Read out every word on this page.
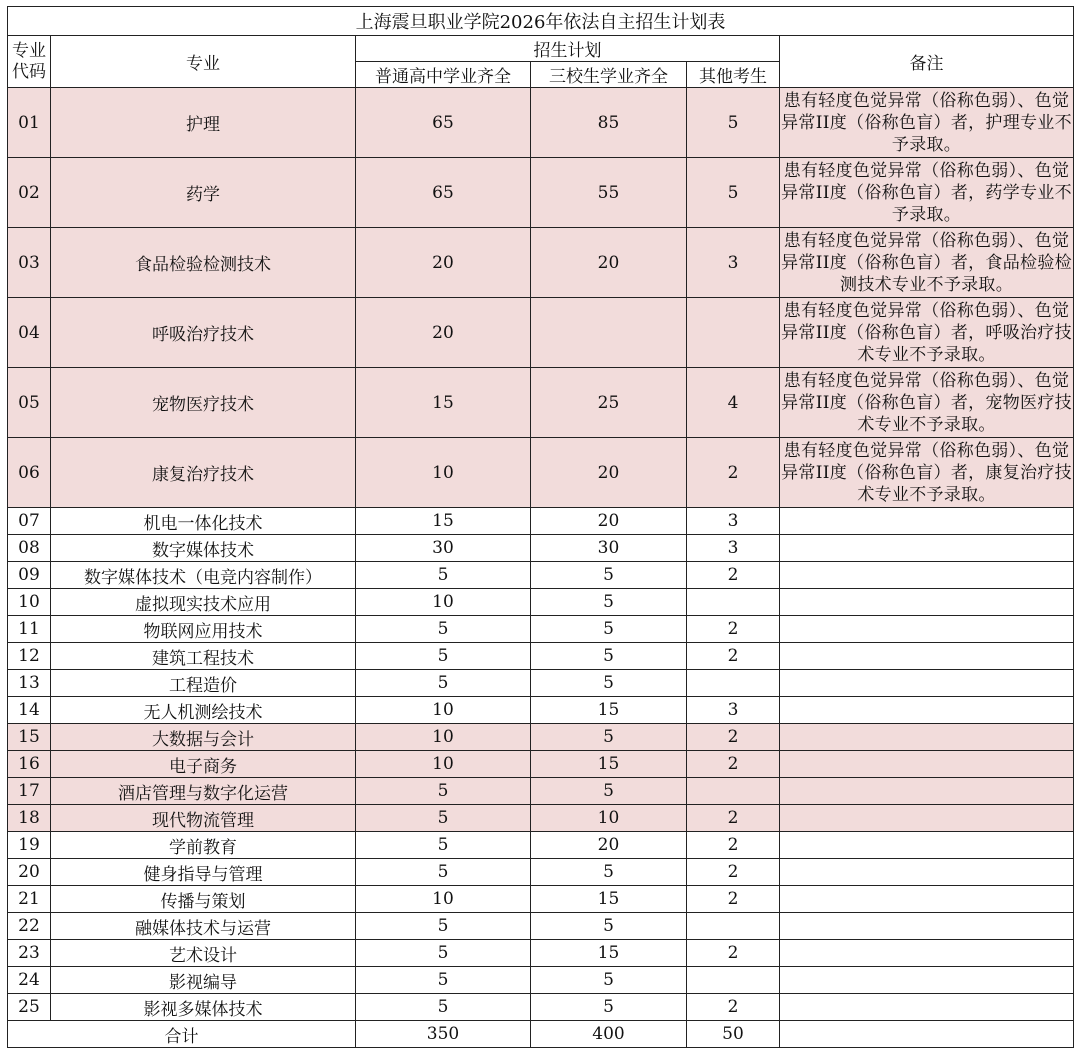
上海震旦职业学院2026年依法自主招生计划表					
专业
代码	专业	招生计划			备注
		普通高中学业齐全	三校生学业齐全	其他考生	
01	护理	65	85	5	患有轻度色觉异常（俗称色弱）、色觉异常II度（俗称色盲）者，护理专业不予录取。
02	药学	65	55	5	患有轻度色觉异常（俗称色弱）、色觉异常II度（俗称色盲）者，药学专业不予录取。
03	食品检验检测技术	20	20	3	患有轻度色觉异常（俗称色弱）、色觉异常II度（俗称色盲）者，食品检验检测技术专业不予录取。
04	呼吸治疗技术	20			患有轻度色觉异常（俗称色弱）、色觉异常II度（俗称色盲）者，呼吸治疗技术专业不予录取。
05	宠物医疗技术	15	25	4	患有轻度色觉异常（俗称色弱）、色觉异常II度（俗称色盲）者，宠物医疗技术专业不予录取。
06	康复治疗技术	10	20	2	患有轻度色觉异常（俗称色弱）、色觉异常II度（俗称色盲）者，康复治疗技术专业不予录取。
07	机电一体化技术	15	20	3	
08	数字媒体技术	30	30	3	
09	数字媒体技术（电竞内容制作）	5	5	2	
10	虚拟现实技术应用	10	5		
11	物联网应用技术	5	5	2	
12	建筑工程技术	5	5	2	
13	工程造价	5	5		
14	无人机测绘技术	10	15	3	
15	大数据与会计	10	5	2	
16	电子商务	10	15	2	
17	酒店管理与数字化运营	5	5		
18	现代物流管理	5	10	2	
19	学前教育	5	20	2	
20	健身指导与管理	5	5	2	
21	传播与策划	10	15	2	
22	融媒体技术与运营	5	5		
23	艺术设计	5	15	2	
24	影视编导	5	5		
25	影视多媒体技术	5	5	2	
合计		350	400	50	
